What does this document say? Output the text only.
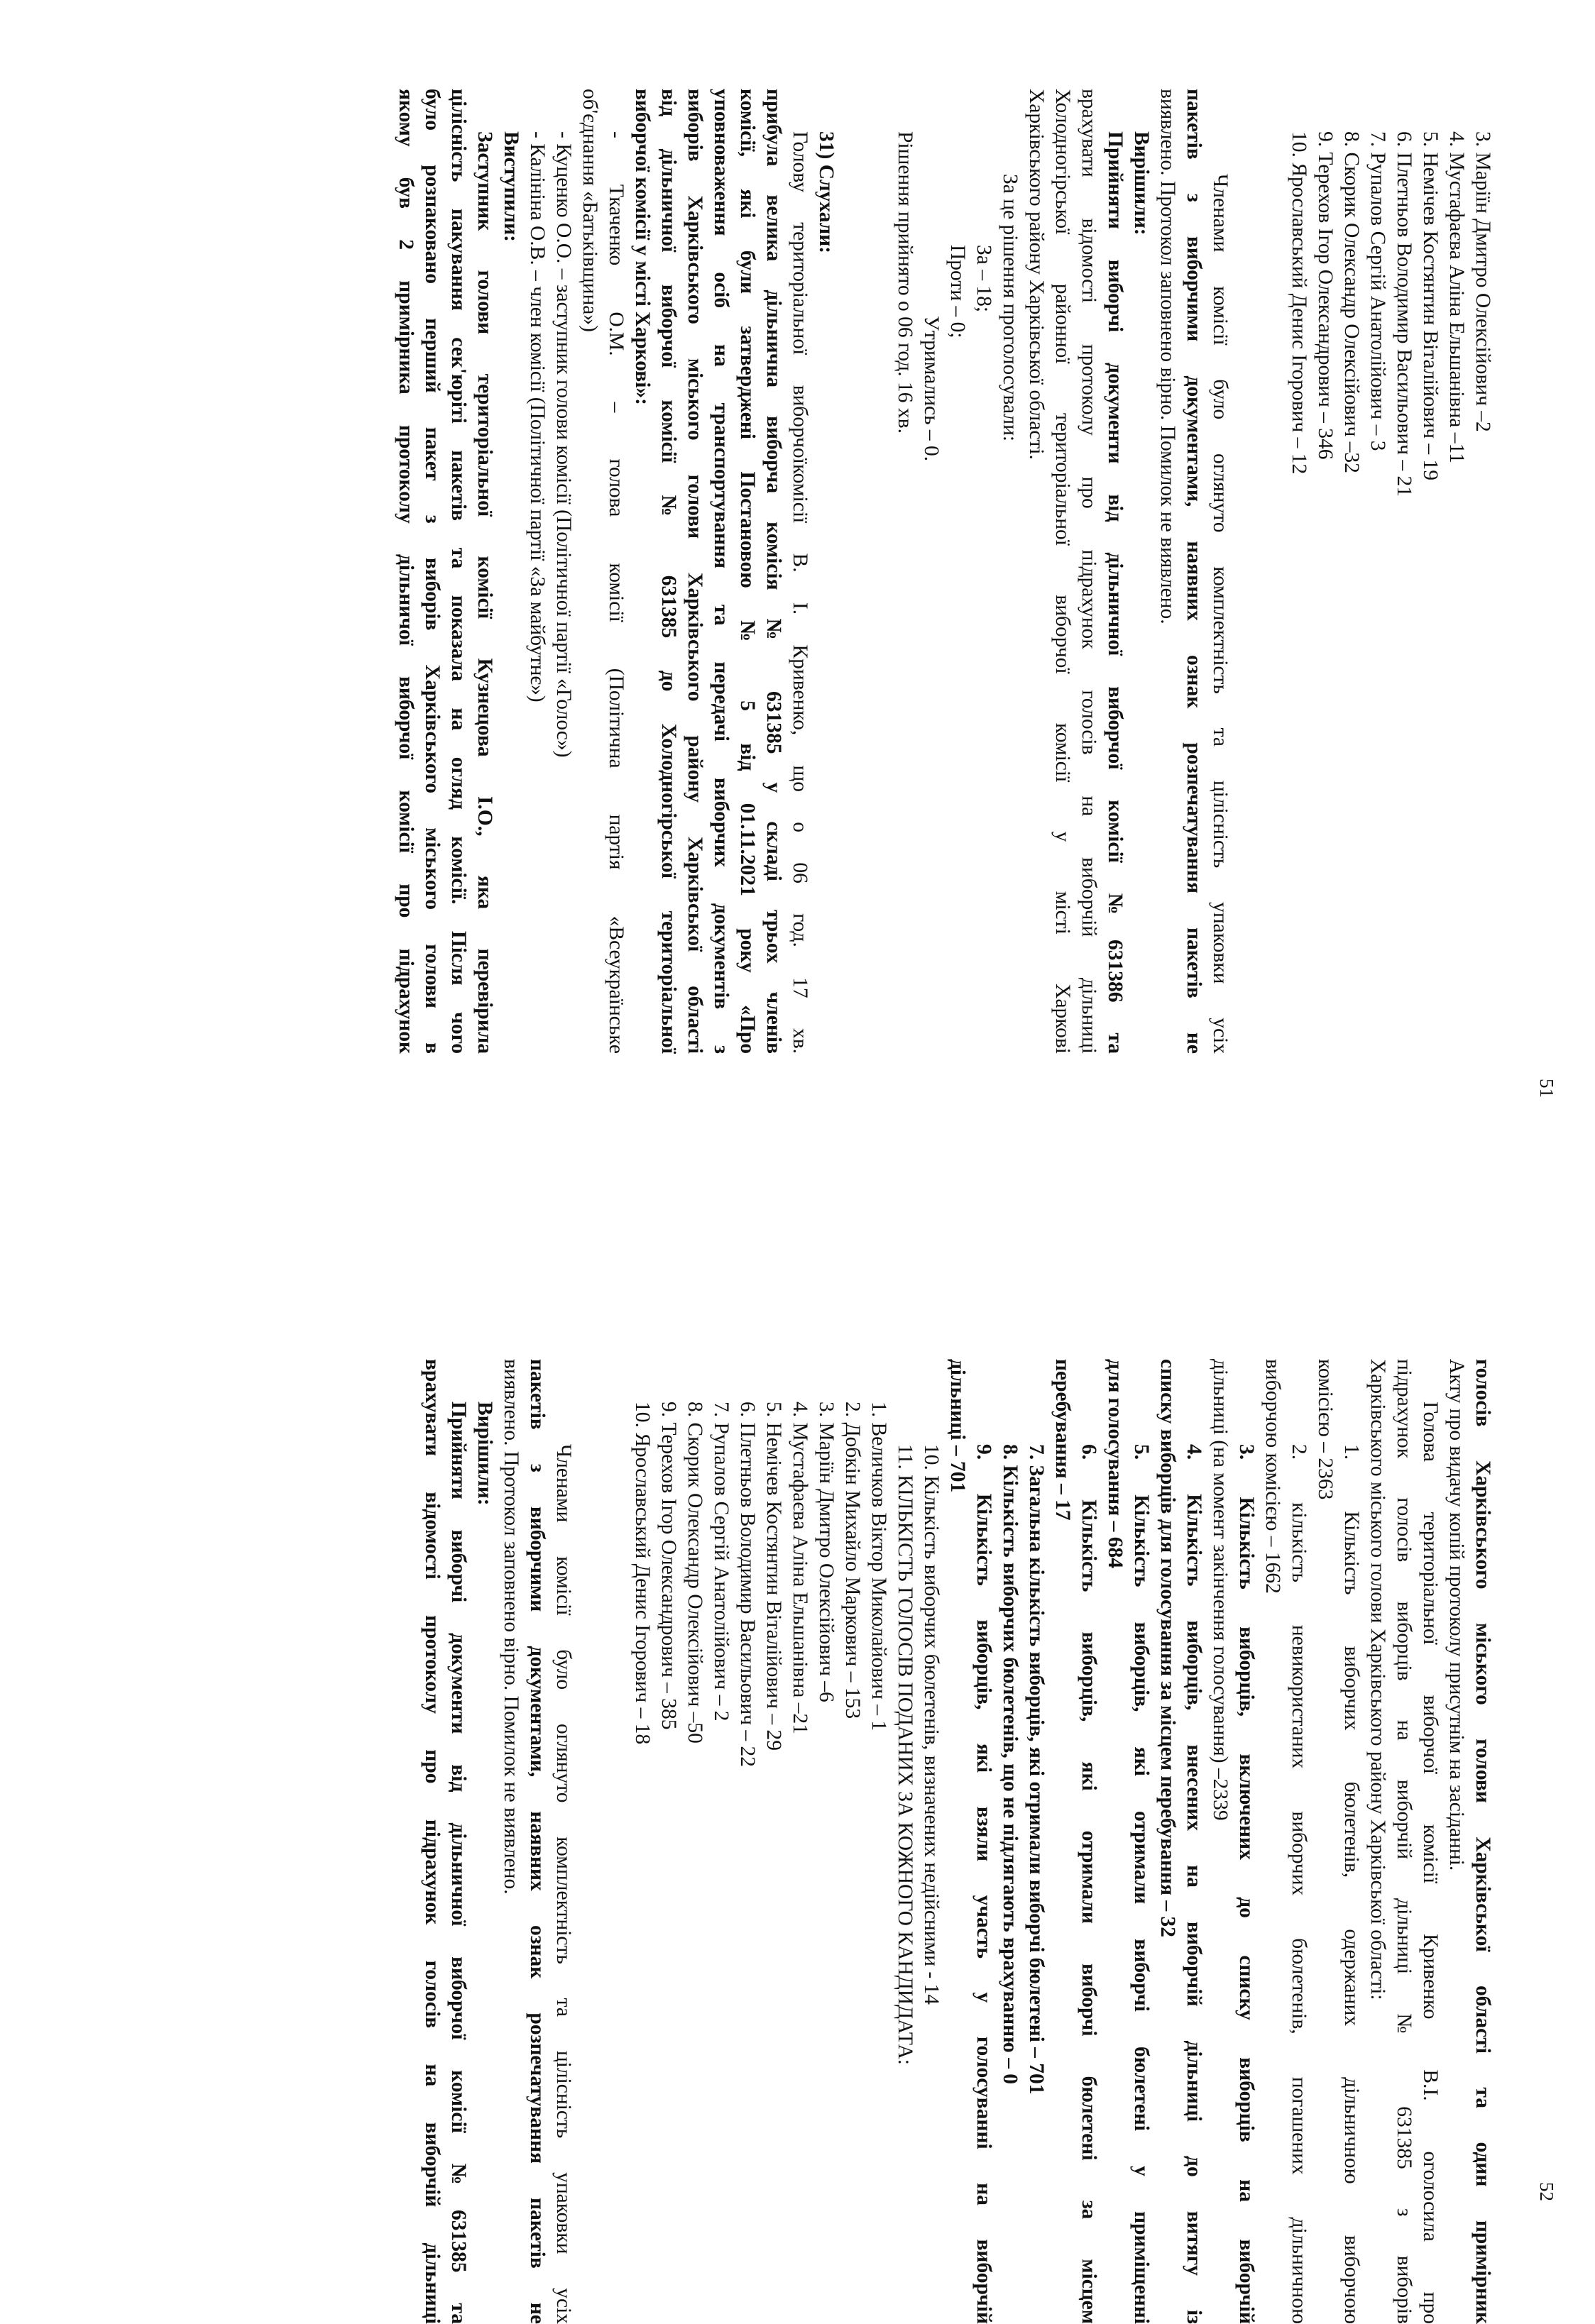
51
52
3. Маріїн Дмитро Олексійович –2
4. Мустафаєва Аліна Ельшанівна –11
5. Немічев Костянтин Віталійович – 19
6. Плетньов Володимир Васильович – 21
7. Рупалов Сергій Анатолійович – 3
8. Скорик Олександр Олексійович –32
9. Терехов Ігор Олександрович – 346
10. Ярославський Денис Ігорович – 12
Членами комісії було оглянуто комплектність та цілісність упаковки усіх
пакетів з виборчими документами, наявних ознак розпечатування пакетів не
виявлено. Протокол заповнено вірно. Помилок не виявлено.
Вирішили:
Прийняти виборчі документи від дільничної виборчої комісії №631386 та
врахувати відомості протоколу про підрахунок голосів на виборчій дільниці
Холодногірської районної територіальної виборчої комісії у місті Харкові
Харківського району Харківської області.
За це рішення проголосували:
За – 18;
Проти – 0;
Утримались – 0.
Рішення прийнято о 06 год. 16 хв.
31) Слухали:
Голову територіальної виборчоїкомісії В. І. Кривенко, що о 06 год. 17 хв.
прибула велика дільнична виборча комісія № 631385 у складі трьох членів
комісії, які були затверджені Постановою № 5 від 01.11.2021 року «Про
уповноваження осіб на транспортування та передачі виборчих документів з
виборів Харківського міського голови Харківського району Харківської області
від дільничної виборчої комісії № 631385 до Холодногірської територіальної
виборчої комісії у місті Харкові»:
- Ткаченко О.М. – голова комісії (Політична партія «Всеукраїнське
об'єднання «Батьківщина»)
- Куценко О.О. – заступник голови комісії (Політичної партії «Голос»)
- Калініна О.В. – член комісії (Політичної партії «За майбутнє»)
Виступили:
Заступник голови територіальної комісії Кузнецова І.О., яка перевірила
цілісність пакування сек'юріті пакетів та показала на огляд комісії. Після чого
було розпаковано перший пакет з виборів Харківського міського голови в
якому був 2 примірника протоколу дільничої виборчої комісії про підрахунок
голосів Харківського міського голови Харківської області та один примірник
Акту про видачу копій протоколу присутнім на засіданні.
Голова територіальної виборчої комісії Кривенко В.І. оголосила про
підрахунок голосів виборців на виборчій дільниці № 631385 з виборів
Харківського міського голови Харківського району Харківської області:
1. Кількість виборчих бюлетенів, одержаних дільничною виборчою
комісією – 2363
2. кількість невикористаних виборчих бюлетенів, погашених дільничною
виборчою комісією – 1662
3. Кількість виборців, включених до списку виборців на виборчій
дільниці (на момент закінчення голосування) –2339
4. Кількість виборців, внесених на виборчій дільниці до витягу із
списку виборців для голосування за місцем перебування – 32
5. Кількість виборців, які отримали виборчі бюлетені у приміщенні
для голосування – 684
6. Кількість виборців, які отримали виборчі бюлетені за місцем
перебування – 17
7. Загальна кількість виборців, які отримали виборчі бюлетені – 701
8. Кількість виборчих бюлетенів, що не підлягають врахуванню – 0
9. Кількість виборців, які взяли участь у голосуванні на виборчій
дільниці – 701
10. Кількість виборчих бюлетенів, визначених недійсними - 14
11. КІЛЬКІСТЬ ГОЛОСІВ ПОДАНИХ ЗА КОЖНОГО КАНДИДАТА:
1. Величков Віктор Миколайович – 1
2. Добкін Михайло Маркович – 153
3. Маріїн Дмитро Олексійович –6
4. Мустафаєва Аліна Ельшанівна –21
5. Немічев Костянтин Віталійович – 29
6. Плетньов Володимир Васильович – 22
7. Рупалов Сергій Анатолійович – 2
8. Скорик Олександр Олексійович –50
9. Терехов Ігор Олександрович – 385
10. Ярославський Денис Ігорович – 18
Членами комісії було оглянуто комплектність та цілісність упаковки усіх
пакетів з виборчими документами, наявних ознак розпечатування пакетів не
виявлено. Протокол заповнено вірно. Помилок не виявлено.
Вирішили:
Прийняти виборчі документи від дільничної виборчої комісії №631385 та
врахувати відомості протоколу про підрахунок голосів на виборчій дільниці
